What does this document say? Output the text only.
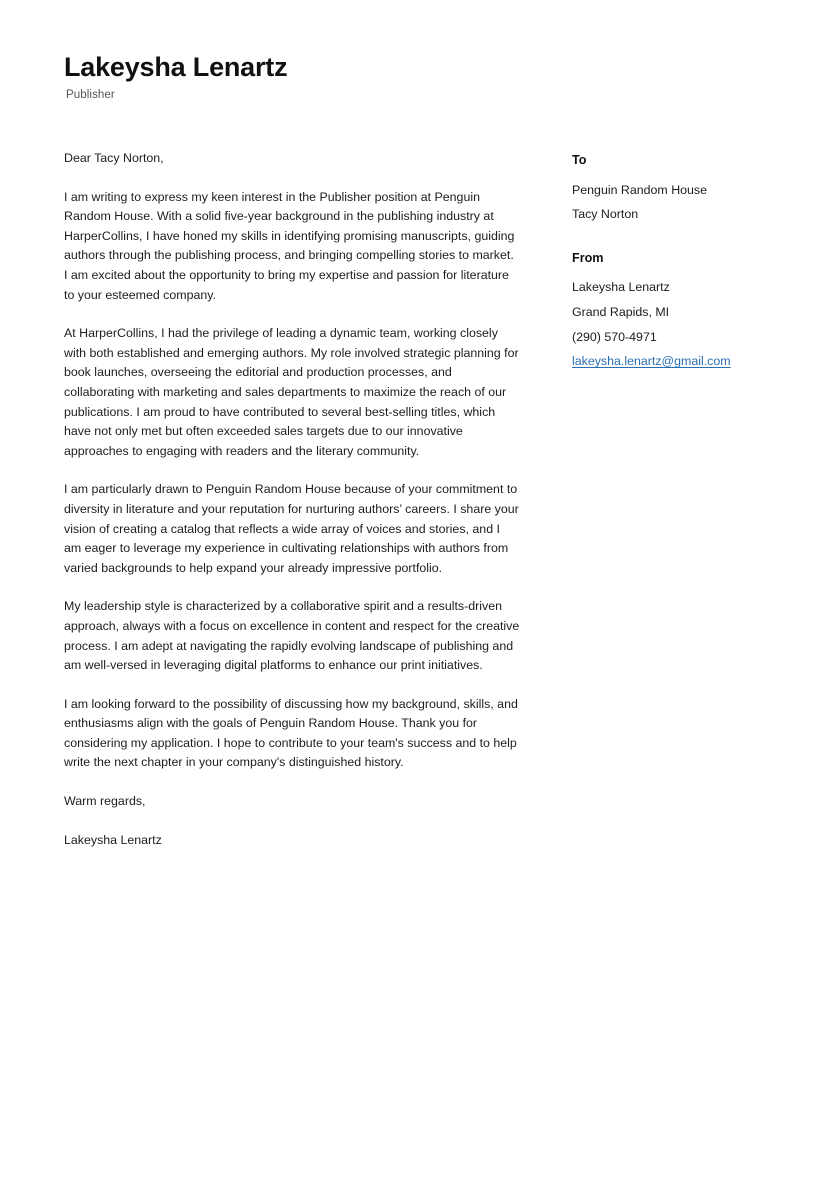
Lakeysha Lenartz
Publisher

Dear Tacy Norton,

I am writing to express my keen interest in the Publisher position at Penguin Random House. With a solid five-year background in the publishing industry at HarperCollins, I have honed my skills in identifying promising manuscripts, guiding authors through the publishing process, and bringing compelling stories to market. I am excited about the opportunity to bring my expertise and passion for literature to your esteemed company.

At HarperCollins, I had the privilege of leading a dynamic team, working closely with both established and emerging authors. My role involved strategic planning for book launches, overseeing the editorial and production processes, and collaborating with marketing and sales departments to maximize the reach of our publications. I am proud to have contributed to several best-selling titles, which have not only met but often exceeded sales targets due to our innovative approaches to engaging with readers and the literary community.

I am particularly drawn to Penguin Random House because of your commitment to diversity in literature and your reputation for nurturing authors’ careers. I share your vision of creating a catalog that reflects a wide array of voices and stories, and I am eager to leverage my experience in cultivating relationships with authors from varied backgrounds to help expand your already impressive portfolio.

My leadership style is characterized by a collaborative spirit and a results-driven approach, always with a focus on excellence in content and respect for the creative process. I am adept at navigating the rapidly evolving landscape of publishing and am well-versed in leveraging digital platforms to enhance our print initiatives.

I am looking forward to the possibility of discussing how my background, skills, and enthusiasms align with the goals of Penguin Random House. Thank you for considering my application. I hope to contribute to your team's success and to help write the next chapter in your company's distinguished history.

Warm regards,

Lakeysha Lenartz

To
Penguin Random House
Tacy Norton
From
Lakeysha Lenartz
Grand Rapids, MI
(290) 570-4971
lakeysha.lenartz@gmail.com
